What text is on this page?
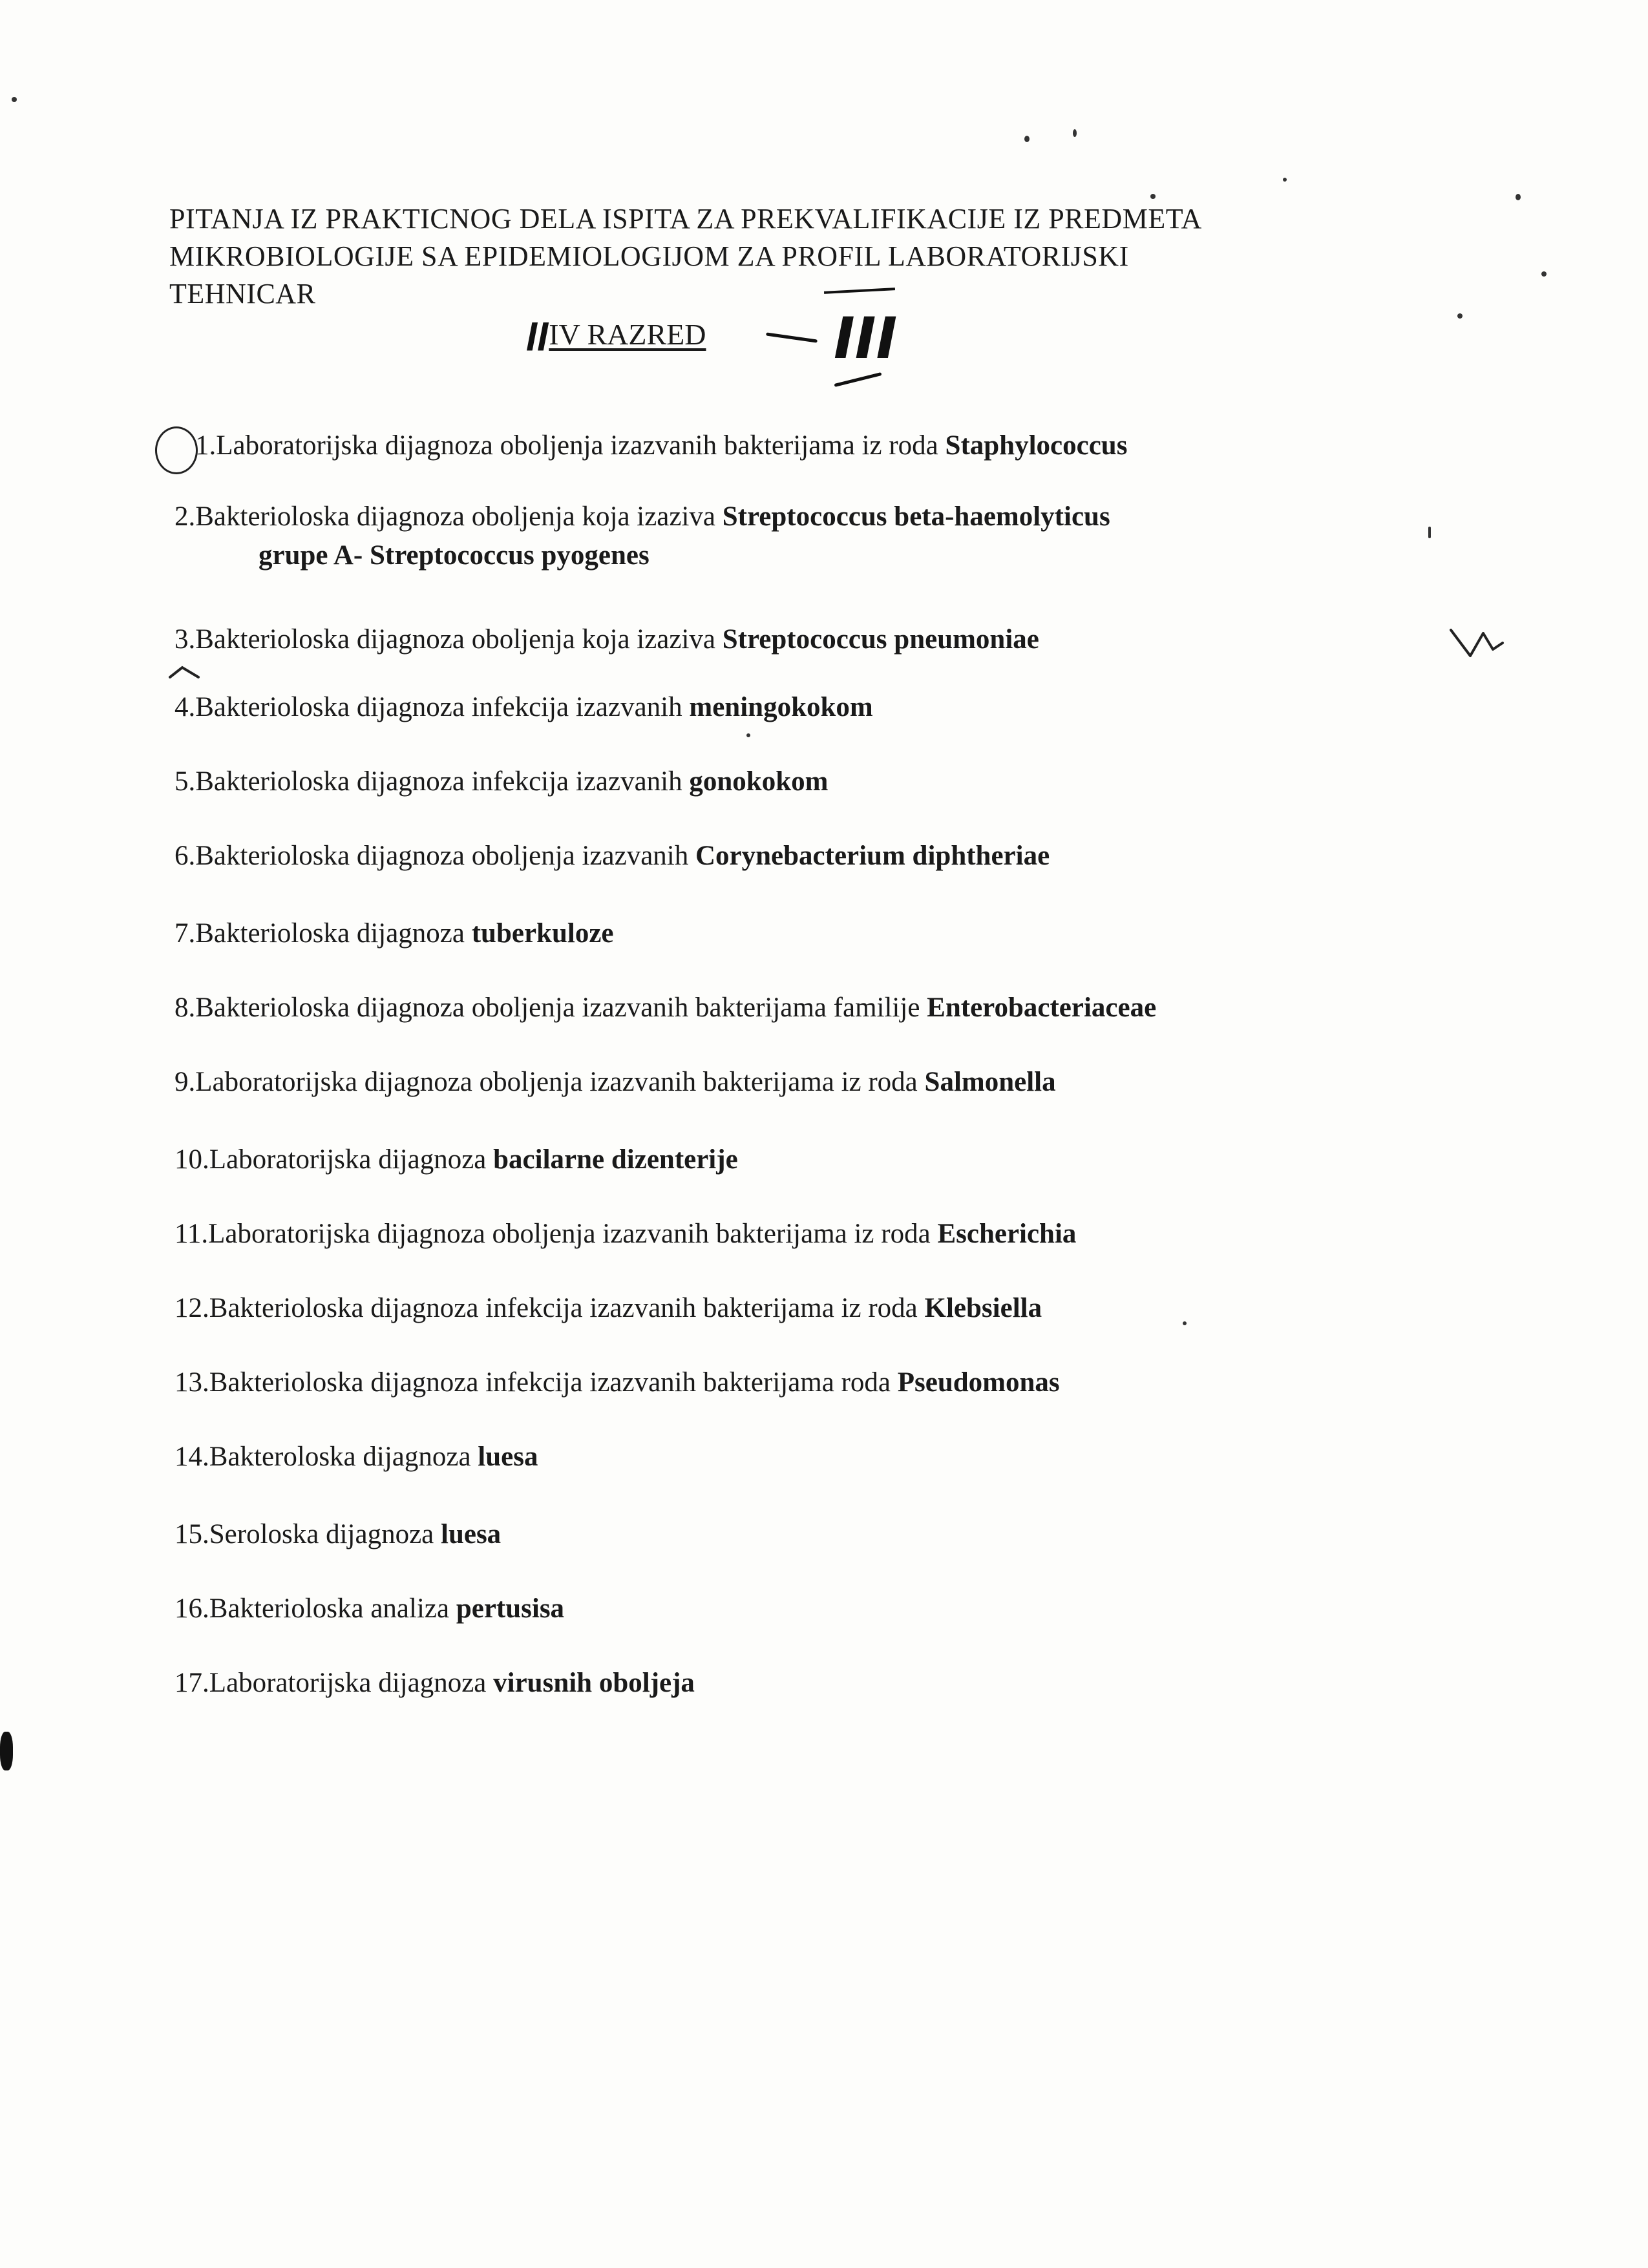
PITANJA IZ PRAKTICNOG DELA ISPITA ZA PREKVALIFIKACIJE IZ PREDMETA
MIKROBIOLOGIJE SA EPIDEMIOLOGIJOM ZA PROFIL LABORATORIJSKI
TEHNICAR
ǀǀIV RAZRED III
1.Laboratorijska dijagnoza oboljenja izazvanih bakterijama iz roda Staphylococcus
2.Bakterioloska dijagnoza oboljenja koja izaziva Streptococcus beta-haemolyticus
grupe A- Streptococcus pyogenes
3.Bakterioloska dijagnoza oboljenja koja izaziva Streptococcus pneumoniae
4.Bakterioloska dijagnoza infekcija izazvanih meningokokom
5.Bakterioloska dijagnoza infekcija izazvanih gonokokom
6.Bakterioloska dijagnoza oboljenja izazvanih Corynebacterium diphtheriae
7.Bakterioloska dijagnoza tuberkuloze
8.Bakterioloska dijagnoza oboljenja izazvanih bakterijama familije Enterobacteriaceae
9.Laboratorijska dijagnoza oboljenja izazvanih bakterijama iz roda Salmonella
10.Laboratorijska dijagnoza bacilarne dizenterije
11.Laboratorijska dijagnoza oboljenja izazvanih bakterijama iz roda Escherichia
12.Bakterioloska dijagnoza infekcija izazvanih bakterijama iz roda Klebsiella
13.Bakterioloska dijagnoza infekcija izazvanih bakterijama roda Pseudomonas
14.Bakteroloska dijagnoza luesa
15.Seroloska dijagnoza luesa
16.Bakterioloska analiza pertusisa
17.Laboratorijska dijagnoza virusnih obolјeja
